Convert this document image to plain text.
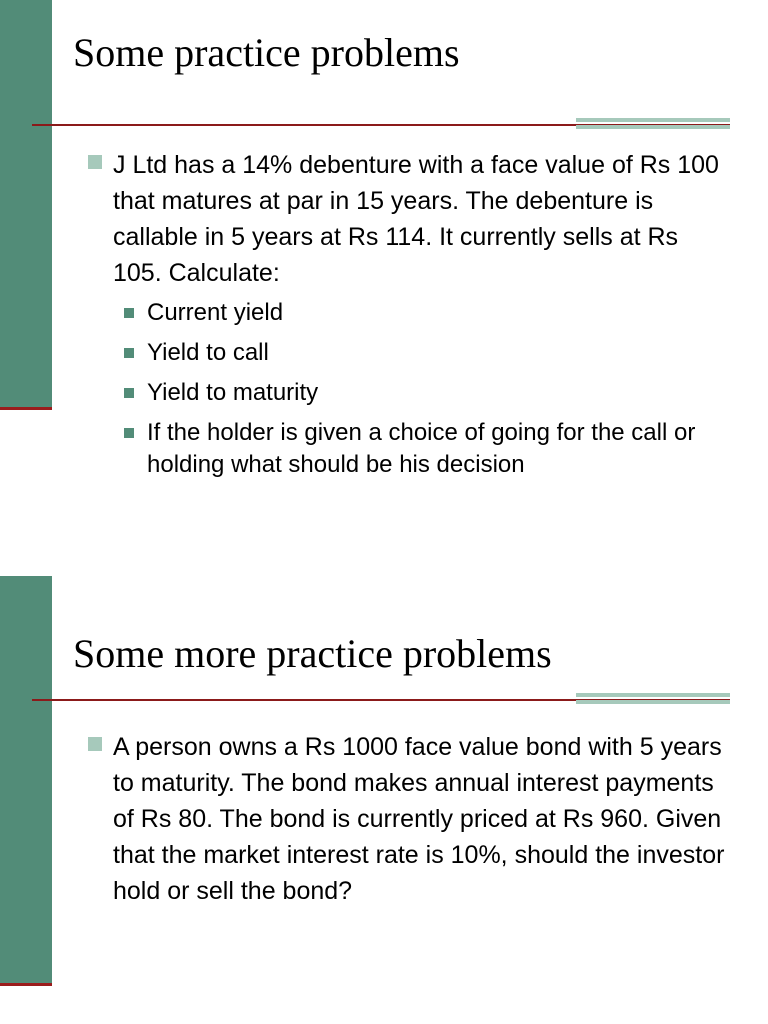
Some practice problems
J Ltd has a 14% debenture with a face value of Rs 100 that matures at par in 15 years. The debenture is callable in 5 years at Rs 114. It currently sells at Rs 105. Calculate:
Current yield
Yield to call
Yield to maturity
If the holder is given a choice of going for the call or holding what should be his decision
Some more practice problems
A person owns a Rs 1000 face value bond with 5 years to maturity. The bond makes annual interest payments of Rs 80. The bond is currently priced at Rs 960. Given that the market interest rate is 10%, should the investor hold or sell the bond?
